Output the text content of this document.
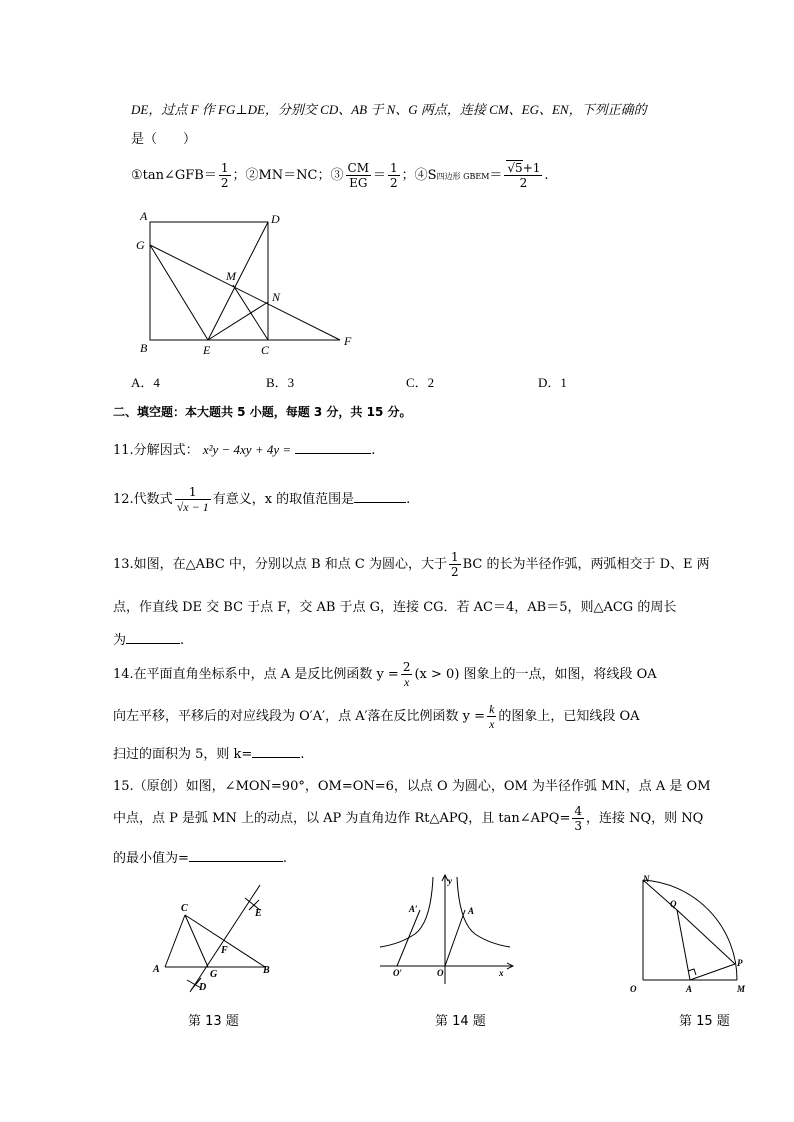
DE，过点 F 作 FG⊥DE，分别交 CD、AB 于 N、G 两点，连接 CM、EG、EN，下列正确的
是（　　）
①tan∠GFB＝ $\frac{1}{2}$ ；②MN＝NC；③ $\frac{CM}{EG} = \frac{1}{2}$ ；④S四边形 GBEM＝ $\frac{√5+1}{2}$ .
A	D
G
M
N
B	E	C
F
A．4	B．3	C．2	D．1
二、填空题：本大题共 5 小题，每题 3 分，共 15 分。
11.分解因式： x²y − 4xy + 4y =	.
12.代数式 $\frac{1}{√x - 1}$ 有意义，x 的取值范围是	.
13.如图，在△ABC 中，分别以点 B 和点 C 为圆心，大于 $\frac{1}{2}$ BC 的长为半径作弧，两弧相交于 D、E 两
点，作直线 DE 交 BC 于点 F，交 AB 于点 G，连接 CG．若 AC＝4，AB＝5，则△ACG 的周长
为	.
14.在平面直角坐标系中，点 A 是反比例函数 $y = \frac{2}{x} (x > 0)$ 图象上的一点，如图，将线段 OA
向左平移，平移后的对应线段为 O′A′，点 A′落在反比例函数 $y = \frac{k}{x}$ 的图象上，已知线段 OA
扫过的面积为 5，则 k=	.
15.（原创）如图，∠MON=90°，OM=ON=6，以点 O 为圆心，OM 为半径作弧 MN，点 A 是 OM
中点，点 P 是弧 MN 上的动点，以 AP 为直角边作 Rt△APQ，且 tan∠APQ= $\frac{4}{3}$ ，连接 NQ，则 NQ
的最小值为=	.
C	E
F
A	G	B
D
第 13 题
A′	A
O′	O	x
y
第 14 题
N
Q
P
O	A	M
第 15 题
